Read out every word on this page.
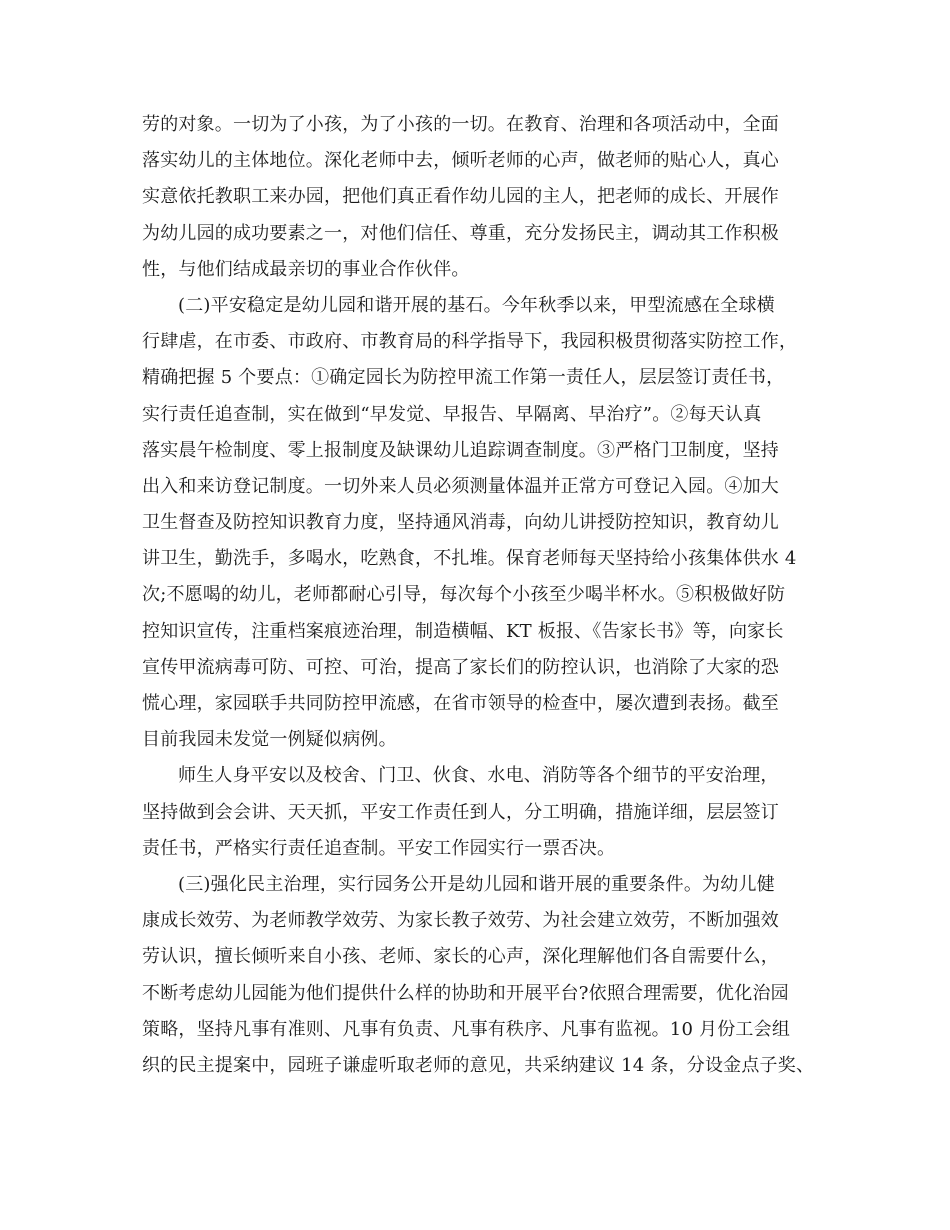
劳的对象。一切为了小孩，为了小孩的一切。在教育、治理和各项活动中，全面
落实幼儿的主体地位。深化老师中去，倾听老师的心声，做老师的贴心人，真心
实意依托教职工来办园，把他们真正看作幼儿园的主人，把老师的成长、开展作
为幼儿园的成功要素之一，对他们信任、尊重，充分发扬民主，调动其工作积极
性，与他们结成最亲切的事业合作伙伴。
(二)平安稳定是幼儿园和谐开展的基石。今年秋季以来，甲型流感在全球横
行肆虐，在市委、市政府、市教育局的科学指导下，我园积极贯彻落实防控工作，
精确把握 5 个要点：①确定园长为防控甲流工作第一责任人，层层签订责任书，
实行责任追查制，实在做到“早发觉、早报告、早隔离、早治疗”。②每天认真
落实晨午检制度、零上报制度及缺课幼儿追踪调查制度。③严格门卫制度，坚持
出入和来访登记制度。一切外来人员必须测量体温并正常方可登记入园。④加大
卫生督查及防控知识教育力度，坚持通风消毒，向幼儿讲授防控知识，教育幼儿
讲卫生，勤洗手，多喝水，吃熟食，不扎堆。保育老师每天坚持给小孩集体供水 4
次;不愿喝的幼儿，老师都耐心引导，每次每个小孩至少喝半杯水。⑤积极做好防
控知识宣传，注重档案痕迹治理，制造横幅、KT 板报、《告家长书》等，向家长
宣传甲流病毒可防、可控、可治，提高了家长们的防控认识，也消除了大家的恐
慌心理，家园联手共同防控甲流感，在省市领导的检查中，屡次遭到表扬。截至
目前我园未发觉一例疑似病例。
师生人身平安以及校舍、门卫、伙食、水电、消防等各个细节的平安治理，
坚持做到会会讲、天天抓，平安工作责任到人，分工明确，措施详细，层层签订
责任书，严格实行责任追查制。平安工作园实行一票否决。
(三)强化民主治理，实行园务公开是幼儿园和谐开展的重要条件。为幼儿健
康成长效劳、为老师教学效劳、为家长教子效劳、为社会建立效劳，不断加强效
劳认识，擅长倾听来自小孩、老师、家长的心声，深化理解他们各自需要什么，
不断考虑幼儿园能为他们提供什么样的协助和开展平台?依照合理需要，优化治园
策略，坚持凡事有准则、凡事有负责、凡事有秩序、凡事有监视。10 月份工会组
织的民主提案中，园班子谦虚听取老师的意见，共采纳建议 14 条，分设金点子奖、
